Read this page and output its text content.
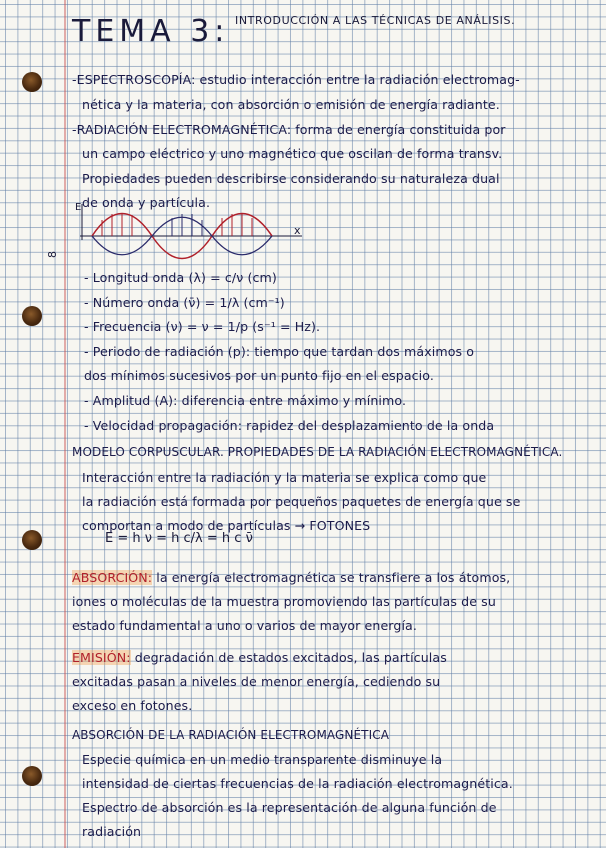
TEMA 3: INTRODUCCIÓN A LAS TÉCNICAS DE ANÁLISIS.
8
-ESPECTROSCOPÍA: estudio interacción entre la radiación electromag-
nética y la materia, con absorción o emisión de energía radiante.
-RADIACIÓN ELECTROMAGNÉTICA: forma de energía constituida por
un campo eléctrico y uno magnético que oscilan de forma transv.
Propiedades pueden describirse considerando su naturaleza dual
de onda y partícula.
E
x
- Longitud onda (λ) = c/ν (cm)
- Número onda (ν̄) = 1/λ (cm⁻¹)
- Frecuencia (ν) = ν = 1/p (s⁻¹ = Hz).
- Periodo de radiación (p): tiempo que tardan dos máximos o
dos mínimos sucesivos por un punto fijo en el espacio.
- Amplitud (A): diferencia entre máximo y mínimo.
- Velocidad propagación: rapidez del desplazamiento de la onda
MODELO CORPUSCULAR. PROPIEDADES DE LA RADIACIÓN ELECTROMAGNÉTICA.
Interacción entre la radiación y la materia se explica como que
la radiación está formada por pequeños paquetes de energía que se
comportan a modo de partículas → FOTONES
E = h ν = h c/λ = h c ν̄
ABSORCIÓN: la energía electromagnética se transfiere a los átomos,
iones o moléculas de la muestra promoviendo las partículas de su
estado fundamental a uno o varios de mayor energía.
EMISIÓN: degradación de estados excitados, las partículas
excitadas pasan a niveles de menor energía, cediendo su
exceso en fotones.
ABSORCIÓN DE LA RADIACIÓN ELECTROMAGNÉTICA
Especie química en un medio transparente disminuye la
intensidad de ciertas frecuencias de la radiación electromagnética.
Espectro de absorción es la representación de alguna función de
radiación
